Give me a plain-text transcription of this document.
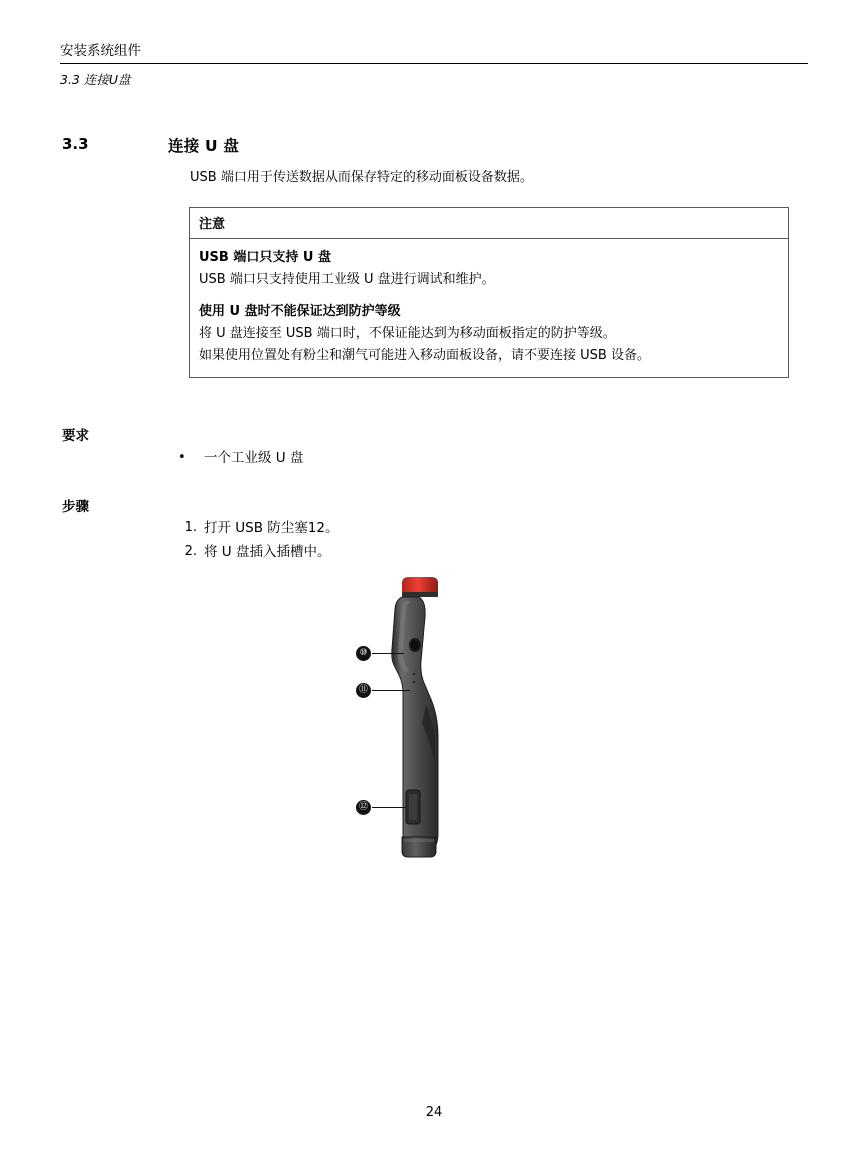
安装系统组件
3.3 连接U盘
3.3	连接 U 盘
USB 端口用于传送数据从而保存特定的移动面板设备数据。
注意
USB 端口只支持 U 盘
USB 端口只支持使用工业级 U 盘进行调试和维护。
使用 U 盘时不能保证达到防护等级
将 U 盘连接至 USB 端口时，不保证能达到为移动面板指定的防护等级。
如果使用位置处有粉尘和潮气可能进入移动面板设备，请不要连接 USB 设备。
要求
•	一个工业级 U 盘
步骤
1. 打开 USB 防尘塞12。
2. 将 U 盘插入插槽中。
⑩
⑪
⑫
24
